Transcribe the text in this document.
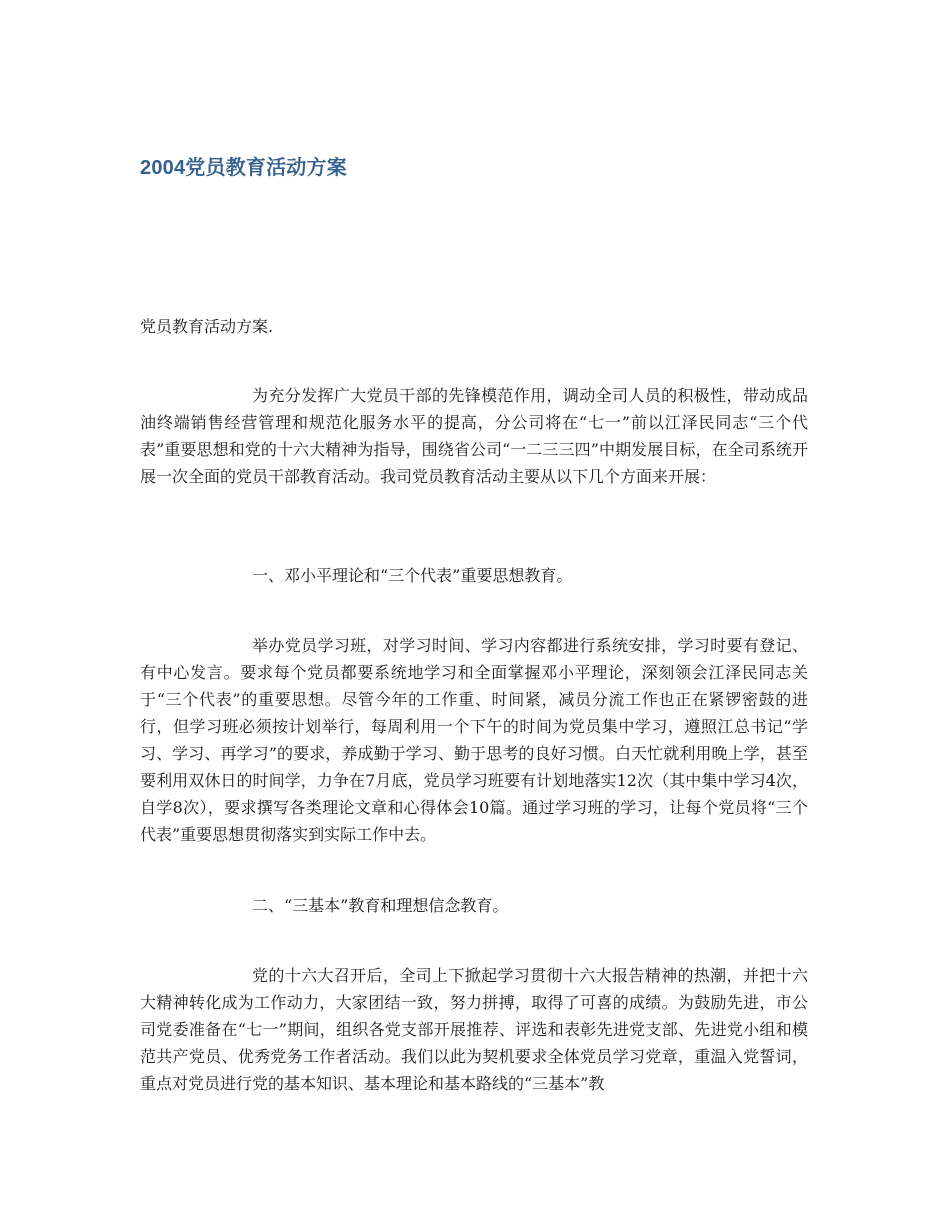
2004党员教育活动方案

党员教育活动方案.

为充分发挥广大党员干部的先锋模范作用，调动全司人员的积极性，带动成品油终端销售经营管理和规范化服务水平的提高，分公司将在“七一”前以江泽民同志“三个代表”重要思想和党的十六大精神为指导，围绕省公司“一二三三四”中期发展目标，在全司系统开展一次全面的党员干部教育活动。我司党员教育活动主要从以下几个方面来开展：

一、邓小平理论和“三个代表”重要思想教育。

举办党员学习班，对学习时间、学习内容都进行系统安排，学习时要有登记、有中心发言。要求每个党员都要系统地学习和全面掌握邓小平理论，深刻领会江泽民同志关于“三个代表”的重要思想。尽管今年的工作重、时间紧，减员分流工作也正在紧锣密鼓的进行，但学习班必须按计划举行，每周利用一个下午的时间为党员集中学习，遵照江总书记“学习、学习、再学习”的要求，养成勤于学习、勤于思考的良好习惯。白天忙就利用晚上学，甚至要利用双休日的时间学，力争在7月底，党员学习班要有计划地落实12次（其中集中学习4次，自学8次），要求撰写各类理论文章和心得体会10篇。通过学习班的学习，让每个党员将“三个代表”重要思想贯彻落实到实际工作中去。

二、“三基本”教育和理想信念教育。

党的十六大召开后，全司上下掀起学习贯彻十六大报告精神的热潮，并把十六大精神转化成为工作动力，大家团结一致，努力拼搏，取得了可喜的成绩。为鼓励先进，市公司党委准备在“七一”期间，组织各党支部开展推荐、评选和表彰先进党支部、先进党小组和模范共产党员、优秀党务工作者活动。我们以此为契机要求全体党员学习党章，重温入党誓词，重点对党员进行党的基本知识、基本理论和基本路线的“三基本”教
